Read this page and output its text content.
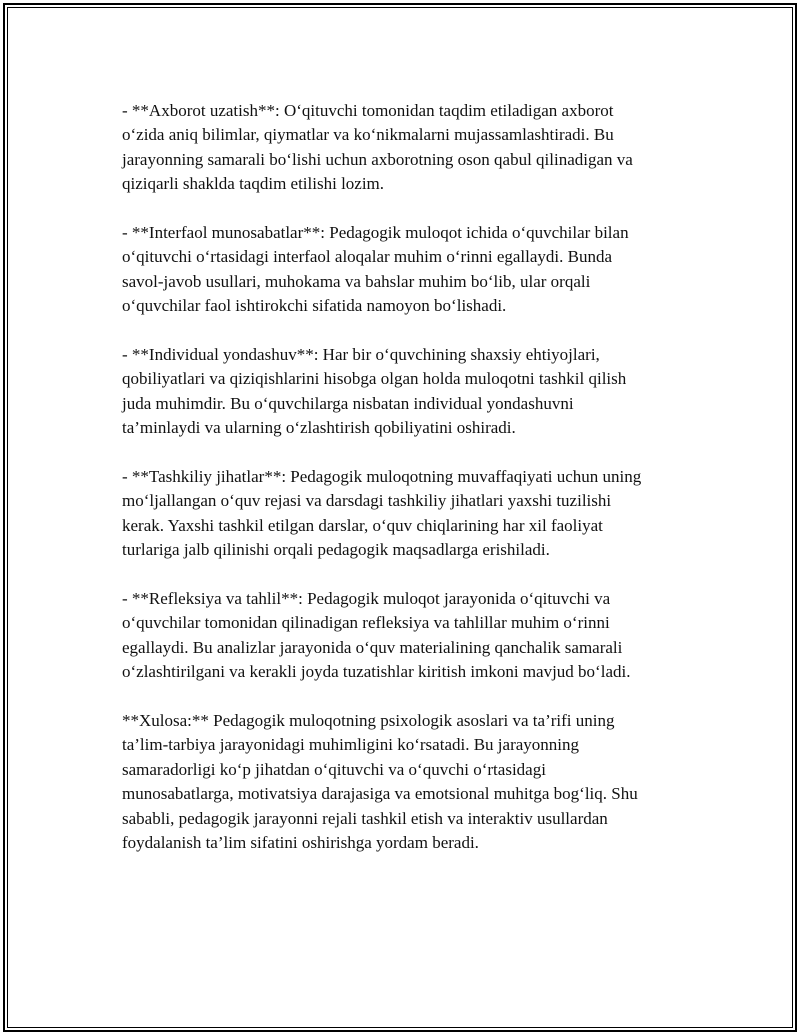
- **Axborot uzatish**: O‘qituvchi tomonidan taqdim etiladigan axborot
o‘zida aniq bilimlar, qiymatlar va ko‘nikmalarni mujassamlashtiradi. Bu
jarayonning samarali bo‘lishi uchun axborotning oson qabul qilinadigan va
qiziqarli shaklda taqdim etilishi lozim.

- **Interfaol munosabatlar**: Pedagogik muloqot ichida o‘quvchilar bilan
o‘qituvchi o‘rtasidagi interfaol aloqalar muhim o‘rinni egallaydi. Bunda
savol-javob usullari, muhokama va bahslar muhim bo‘lib, ular orqali
o‘quvchilar faol ishtirokchi sifatida namoyon bo‘lishadi.

- **Individual yondashuv**: Har bir o‘quvchining shaxsiy ehtiyojlari,
qobiliyatlari va qiziqishlarini hisobga olgan holda muloqotni tashkil qilish
juda muhimdir. Bu o‘quvchilarga nisbatan individual yondashuvni
ta’minlaydi va ularning o‘zlashtirish qobiliyatini oshiradi.

- **Tashkiliy jihatlar**: Pedagogik muloqotning muvaffaqiyati uchun uning
mo‘ljallangan o‘quv rejasi va darsdagi tashkiliy jihatlari yaxshi tuzilishi
kerak. Yaxshi tashkil etilgan darslar, o‘quv chiqlarining har xil faoliyat
turlariga jalb qilinishi orqali pedagogik maqsadlarga erishiladi.

- **Refleksiya va tahlil**: Pedagogik muloqot jarayonida o‘qituvchi va
o‘quvchilar tomonidan qilinadigan refleksiya va tahlillar muhim o‘rinni
egallaydi. Bu analizlar jarayonida o‘quv materialining qanchalik samarali
o‘zlashtirilgani va kerakli joyda tuzatishlar kiritish imkoni mavjud bo‘ladi.

**Xulosa:** Pedagogik muloqotning psixologik asoslari va ta’rifi uning
ta’lim-tarbiya jarayonidagi muhimligini ko‘rsatadi. Bu jarayonning
samaradorligi ko‘p jihatdan o‘qituvchi va o‘quvchi o‘rtasidagi
munosabatlarga, motivatsiya darajasiga va emotsional muhitga bog‘liq. Shu
sababli, pedagogik jarayonni rejali tashkil etish va interaktiv usullardan
foydalanish ta’lim sifatini oshirishga yordam beradi.
